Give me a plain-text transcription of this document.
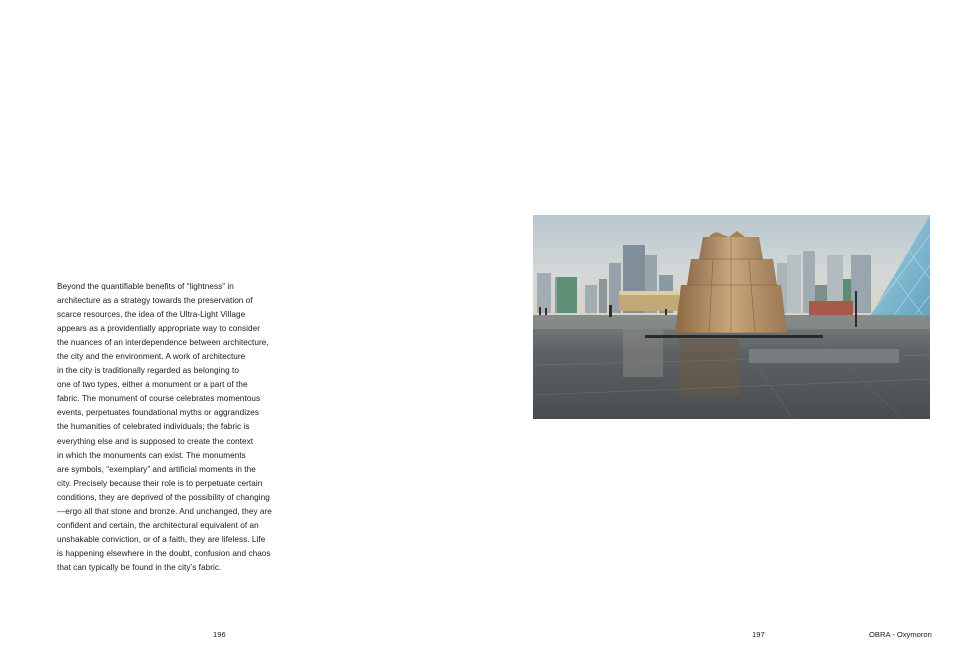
Beyond the quantifiable benefits of “lightness” in
architecture as a strategy towards the preservation of
scarce resources, the idea of the Ultra-Light Village
appears as a providentially appropriate way to consider
the nuances of an interdependence between architecture,
the city and the environment. A work of architecture
in the city is traditionally regarded as belonging to
one of two types, either a monument or a part of the
fabric. The monument of course celebrates momentous
events, perpetuates foundational myths or aggrandizes
the humanities of celebrated individuals; the fabric is
everything else and is supposed to create the context
in which the monuments can exist. The monuments
are symbols, “exemplary” and artificial moments in the
city. Precisely because their role is to perpetuate certain
conditions, they are deprived of the possibility of changing
—ergo all that stone and bronze. And unchanged, they are
confident and certain, the architectural equivalent of an
unshakable conviction, or of a faith, they are lifeless. Life
is happening elsewhere in the doubt, confusion and chaos
that can typically be found in the city’s fabric.
196	197	OBRA - Oxymoron
